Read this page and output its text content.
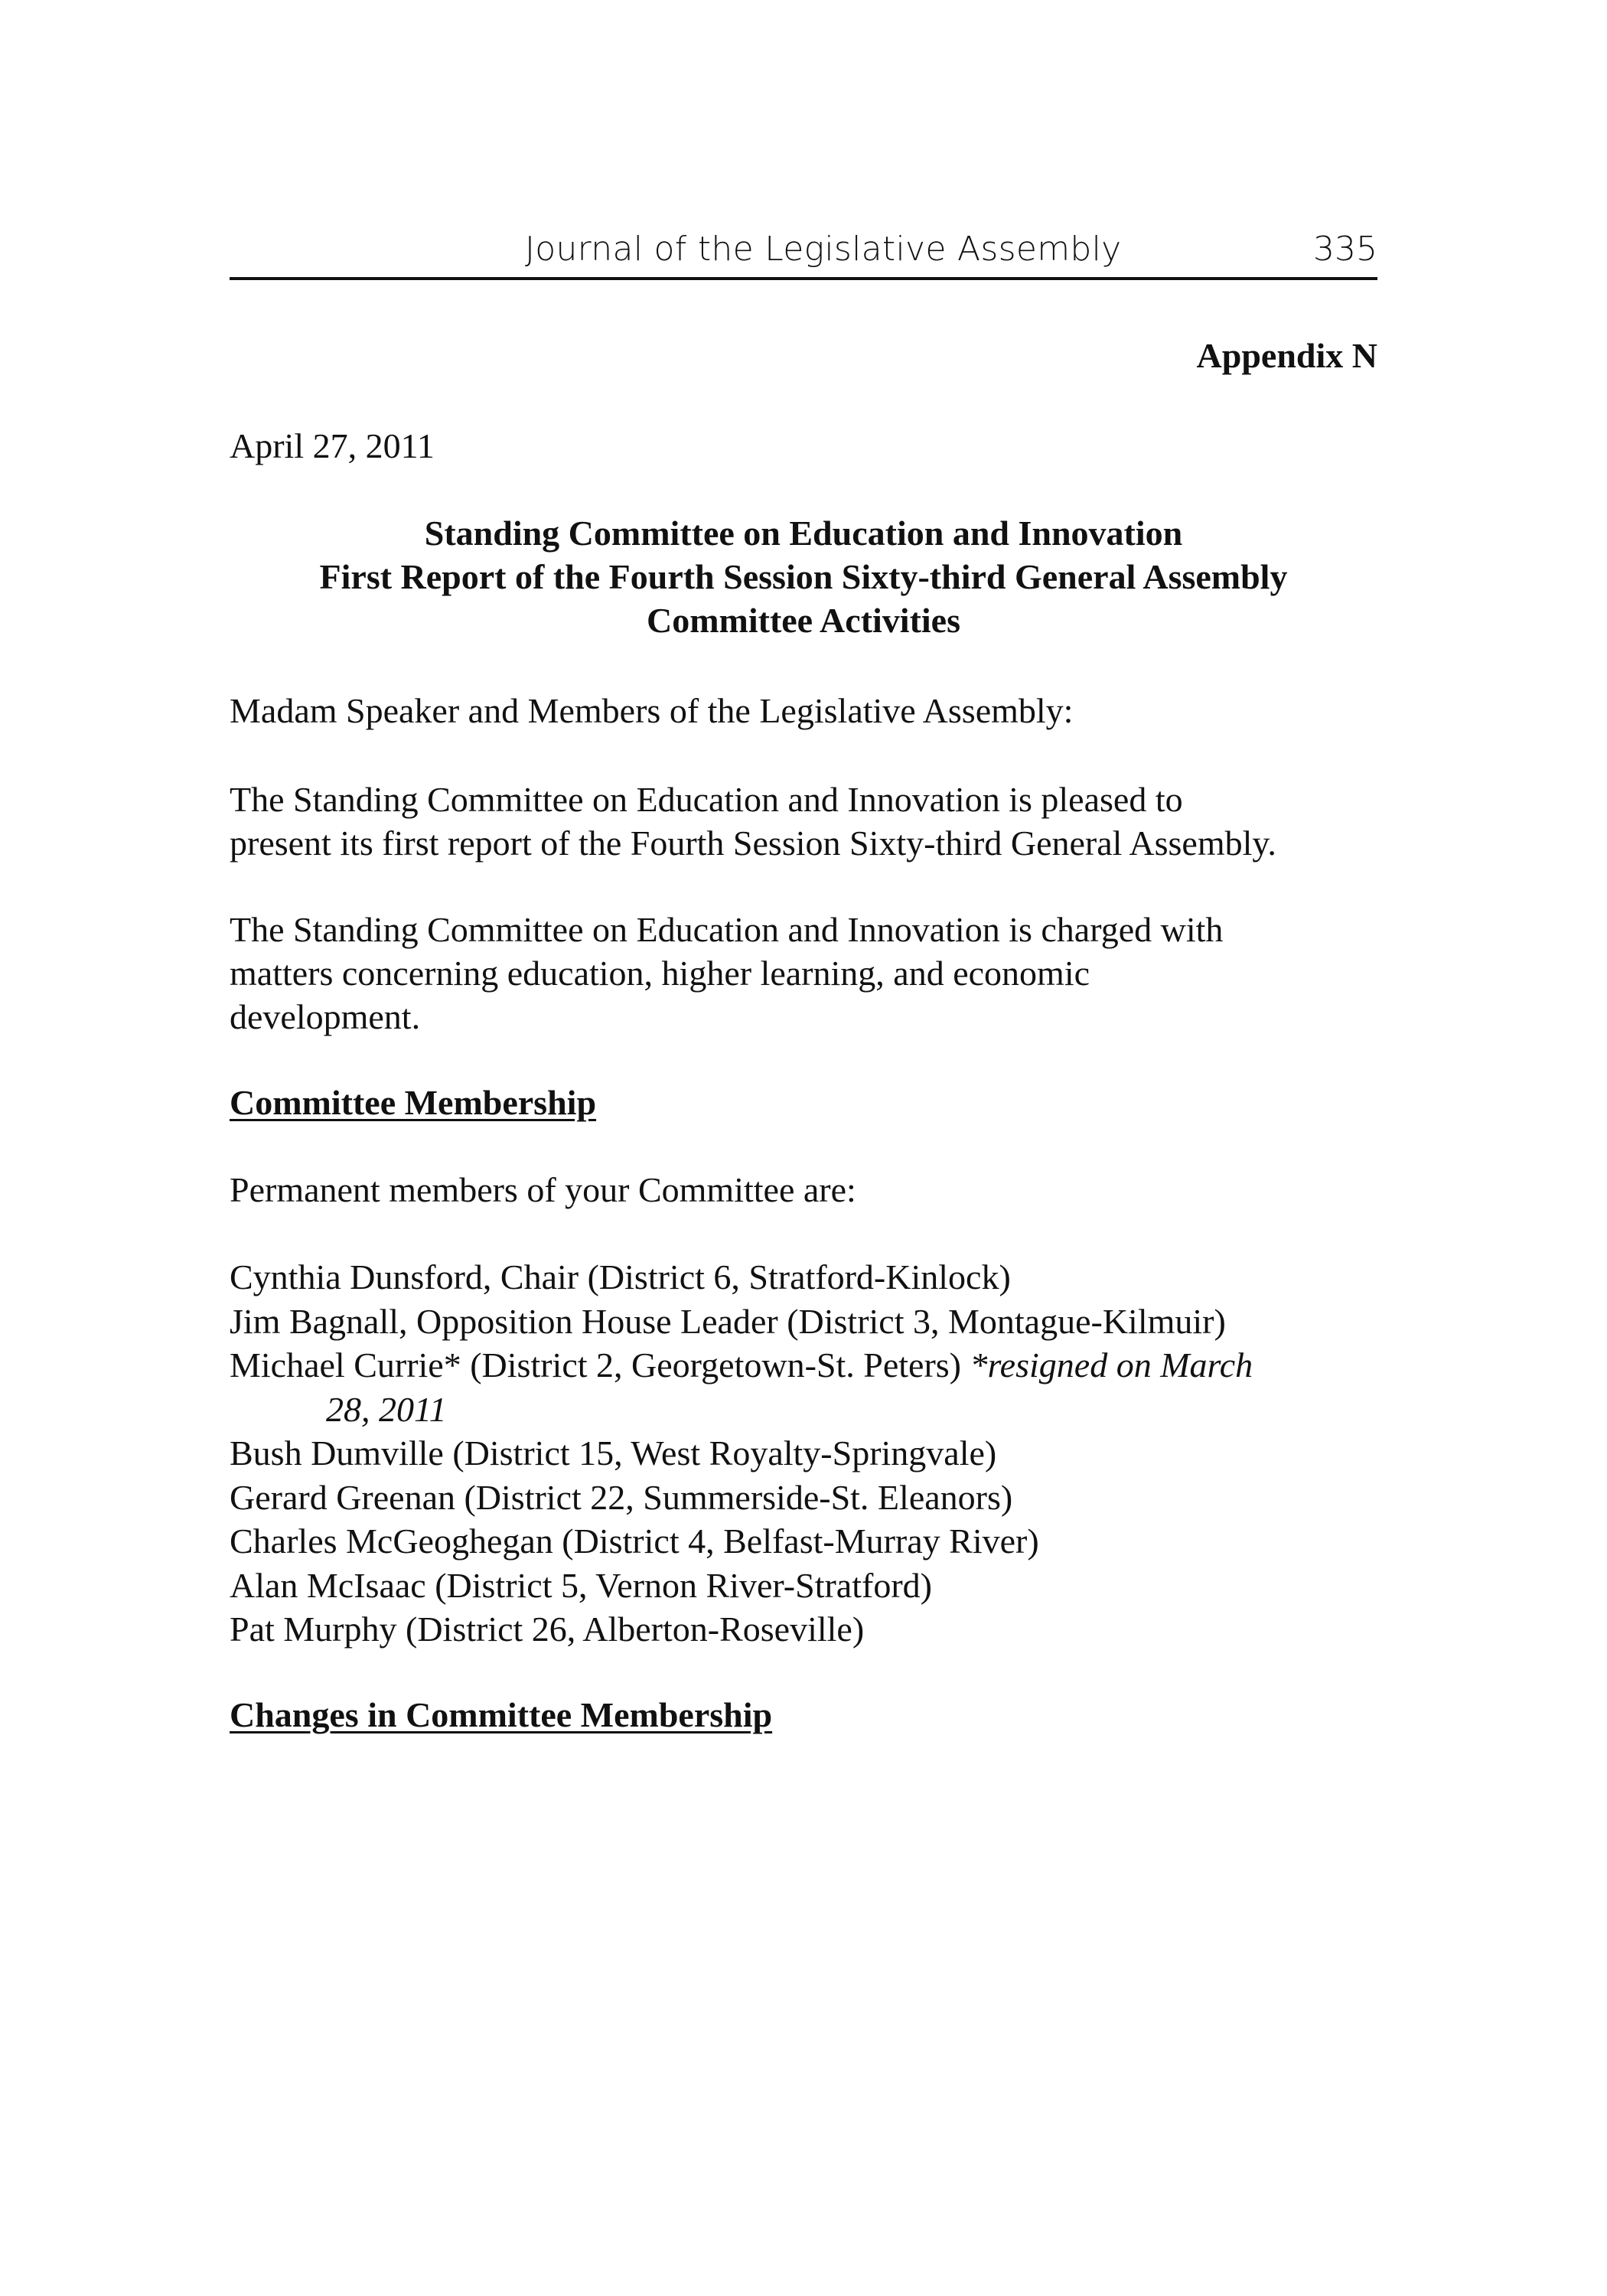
Journal of the Legislative Assembly	335
Appendix N

April 27, 2011

Standing Committee on Education and Innovation
First Report of the Fourth Session Sixty-third General Assembly
Committee Activities

Madam Speaker and Members of the Legislative Assembly:

The Standing Committee on Education and Innovation is pleased to
present its first report of the Fourth Session Sixty-third General Assembly.
The Standing Committee on Education and Innovation is charged with
matters concerning education, higher learning, and economic
development.

Committee Membership

Permanent members of your Committee are:

Cynthia Dunsford, Chair (District 6, Stratford-Kinlock)
Jim Bagnall, Opposition House Leader (District 3, Montague-Kilmuir)
Michael Currie* (District 2, Georgetown-St. Peters) *resigned on March
28, 2011
Bush Dumville (District 15, West Royalty-Springvale)
Gerard Greenan (District 22, Summerside-St. Eleanors)
Charles McGeoghegan (District 4, Belfast-Murray River)
Alan McIsaac (District 5, Vernon River-Stratford)
Pat Murphy (District 26, Alberton-Roseville)

Changes in Committee Membership
